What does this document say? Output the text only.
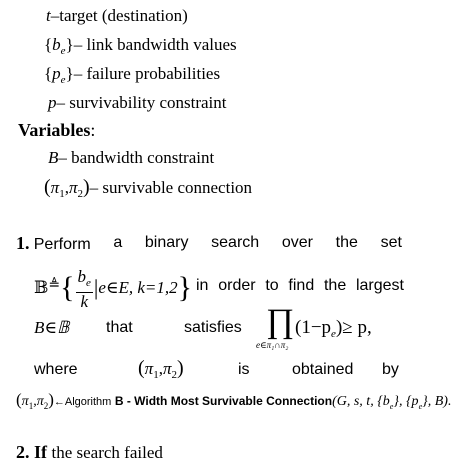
t–target (destination)
$\{b_e\}-$ link bandwidth values
$\{p_e\}-$ failure probabilities
p– survivability constraint
Variables:
B– bandwidth constraint
$(\pi_1,\pi_2)-$ survivable connection
1. Perform a binary search over the set
𝔹≜{ $\frac{b_e}{k}$ |e∈E, k=1,2} in order to find the largest
B∈𝔹 that	satisfies ∏
e∈π₁∩π₂
$(1-p_e)\ge p$,
where	$(\pi_1,\pi_2)$	is	obtained by
$(\pi_1,\pi_2)\leftarrow Algorithm$ B - Width Most Survivable Connection(G, s, t, $\{b_e\}$, $\{p_e\}$, B).
2. If the search failed
